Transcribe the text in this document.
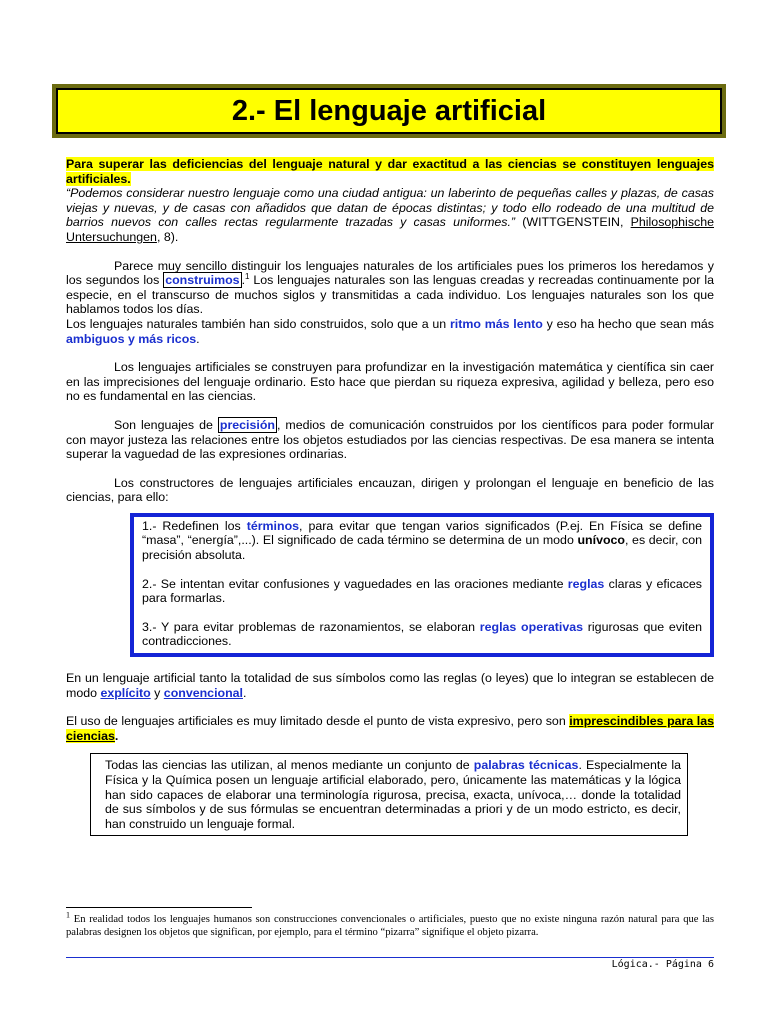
2.- El lenguaje artificial

Para superar las deficiencias del lenguaje natural y dar exactitud a las ciencias se constituyen lenguajes artificiales.

“Podemos considerar nuestro lenguaje como una ciudad antigua: un laberinto de pequeñas calles y plazas, de casas viejas y nuevas, y de casas con añadidos que datan de épocas distintas; y todo ello rodeado de una multitud de barrios nuevos con calles rectas regularmente trazadas y casas uniformes.” (WITTGENSTEIN, Philosophische Untersuchungen, 8).

Parece muy sencillo distinguir los lenguajes naturales de los artificiales pues los primeros los heredamos y los segundos los construimos .$^1$ Los lenguajes naturales son las lenguas creadas y recreadas continuamente por la especie, en el transcurso de muchos siglos y transmitidas a cada individuo. Los lenguajes naturales son los que hablamos todos los días.

Los lenguajes naturales también han sido construidos, solo que a un ritmo más lento y eso ha hecho que sean más ambiguos y más ricos.

Los lenguajes artificiales se construyen para profundizar en la investigación matemática y científica sin caer en las imprecisiones del lenguaje ordinario. Esto hace que pierdan su riqueza expresiva, agilidad y belleza, pero eso no es fundamental en las ciencias.

Son lenguajes de precisión , medios de comunicación construidos por los científicos para poder formular con mayor justeza las relaciones entre los objetos estudiados por las ciencias respectivas. De esa manera se intenta superar la vaguedad de las expresiones ordinarias.

Los constructores de lenguajes artificiales encauzan, dirigen y prolongan el lenguaje en beneficio de las ciencias, para ello:

1.- Redefinen los términos, para evitar que tengan varios significados (P.ej. En Física se define “masa”, “energía”,...). El significado de cada término se determina de un modo unívoco, es decir, con precisión absoluta.

2.- Se intentan evitar confusiones y vaguedades en las oraciones mediante reglas claras y eficaces para formarlas.

3.- Y para evitar problemas de razonamientos, se elaboran reglas operativas rigurosas que eviten contradicciones.

En un lenguaje artificial tanto la totalidad de sus símbolos como las reglas (o leyes) que lo integran se establecen de modo explícito y convencional.

El uso de lenguajes artificiales es muy limitado desde el punto de vista expresivo, pero son imprescindibles para las ciencias.

Todas las ciencias las utilizan, al menos mediante un conjunto de palabras técnicas. Especialmente la Física y la Química posen un lenguaje artificial elaborado, pero, únicamente las matemáticas y la lógica han sido capaces de elaborar una terminología rigurosa, precisa, exacta, unívoca,… donde la totalidad de sus símbolos y de sus fórmulas se encuentran determinadas a priori y de un modo estricto, es decir, han construido un lenguaje formal.

$^1$ En realidad todos los lenguajes humanos son construcciones convencionales o artificiales, puesto que no existe ninguna razón natural para que las palabras designen los objetos que significan, por ejemplo, para el término “pizarra” signifique el objeto pizarra.

Lógica.- Página 6
